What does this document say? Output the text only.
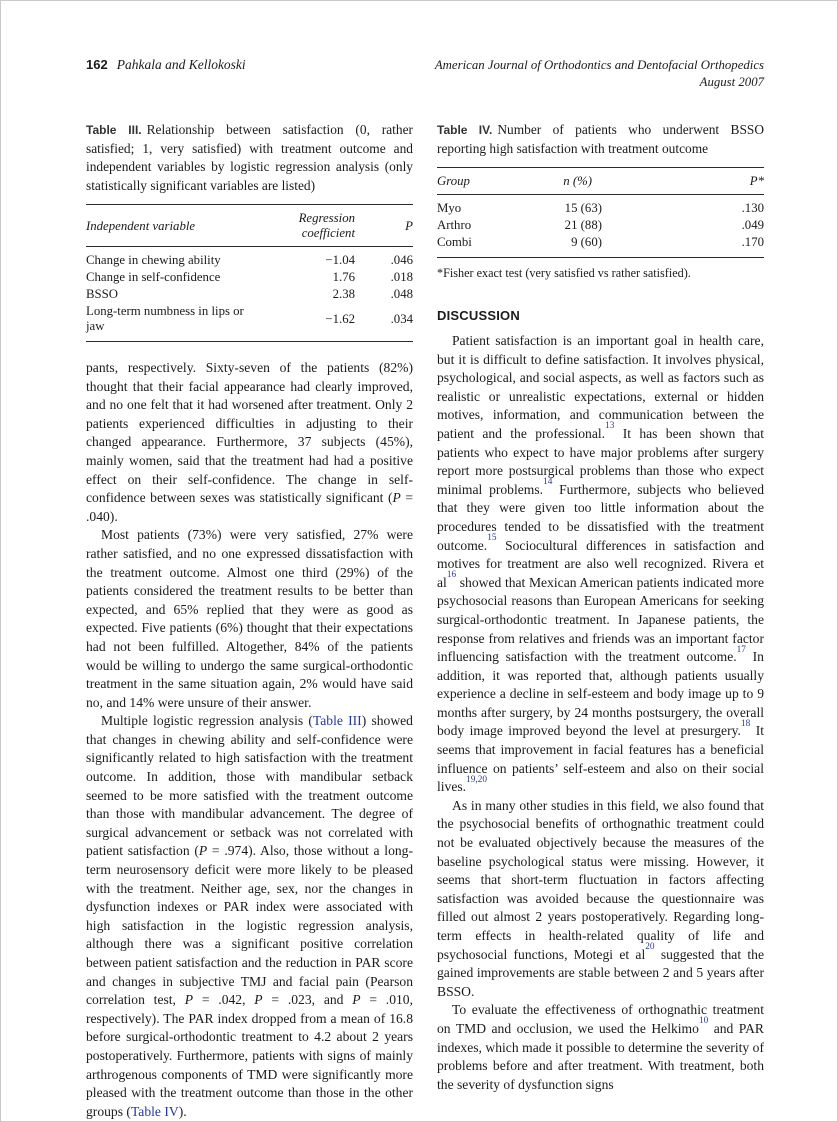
162 Pahkala and Kellokoski	American Journal of Orthodontics and Dentofacial Orthopedics
August 2007

Table III. Relationship between satisfaction (0, rather satisfied; 1, very satisfied) with treatment outcome and independent variables by logistic regression analysis (only statistically significant variables are listed)

Independent variable	Regression coefficient	P
Change in chewing ability	−1.04	.046
Change in self-confidence	1.76	.018
BSSO	2.38	.048
Long-term numbness in lips or jaw	−1.62	.034

pants, respectively. Sixty-seven of the patients (82%) thought that their facial appearance had clearly improved, and no one felt that it had worsened after treatment. Only 2 patients experienced difficulties in adjusting to their changed appearance. Furthermore, 37 subjects (45%), mainly women, said that the treatment had had a positive effect on their self-confidence. The change in self-confidence between sexes was statistically significant (P = .040).

Most patients (73%) were very satisfied, 27% were rather satisfied, and no one expressed dissatisfaction with the treatment outcome. Almost one third (29%) of the patients considered the treatment results to be better than expected, and 65% replied that they were as good as expected. Five patients (6%) thought that their expectations had not been fulfilled. Altogether, 84% of the patients would be willing to undergo the same surgical-orthodontic treatment in the same situation again, 2% would have said no, and 14% were unsure of their answer.

Multiple logistic regression analysis (Table III) showed that changes in chewing ability and self-confidence were significantly related to high satisfaction with the treatment outcome. In addition, those with mandibular setback seemed to be more satisfied with the treatment outcome than those with mandibular advancement. The degree of surgical advancement or setback was not correlated with patient satisfaction (P = .974). Also, those without a long-term neurosensory deficit were more likely to be pleased with the treatment. Neither age, sex, nor the changes in dysfunction indexes or PAR index were associated with high satisfaction in the logistic regression analysis, although there was a significant positive correlation between patient satisfaction and the reduction in PAR score and changes in subjective TMJ and facial pain (Pearson correlation test, P = .042, P = .023, and P = .010, respectively). The PAR index dropped from a mean of 16.8 before surgical-orthodontic treatment to 4.2 about 2 years postoperatively. Furthermore, patients with signs of mainly arthrogenous components of TMD were significantly more pleased with the treatment outcome than those in the other groups (Table IV).

Table IV. Number of patients who underwent BSSO reporting high satisfaction with treatment outcome

Group	n (%)	P*
Myo	15 (63)	.130
Arthro	21 (88)	.049
Combi	9 (60)	.170
*Fisher exact test (very satisfied vs rather satisfied).
DISCUSSION

Patient satisfaction is an important goal in health care, but it is difficult to define satisfaction. It involves physical, psychological, and social aspects, as well as factors such as realistic or unrealistic expectations, external or hidden motives, information, and communication between the patient and the professional.$^{13}$ It has been shown that patients who expect to have major problems after surgery report more postsurgical problems than those who expect minimal problems.$^{14}$ Furthermore, subjects who believed that they were given too little information about the procedures tended to be dissatisfied with the treatment outcome.$^{15}$ Sociocultural differences in satisfaction and motives for treatment are also well recognized. Rivera et al$^{16}$ showed that Mexican American patients indicated more psychosocial reasons than European Americans for seeking surgical-orthodontic treatment. In Japanese patients, the response from relatives and friends was an important factor influencing satisfaction with the treatment outcome.$^{17}$ In addition, it was reported that, although patients usually experience a decline in self-esteem and body image up to 9 months after surgery, by 24 months postsurgery, the overall body image improved beyond the level at presurgery.$^{18}$ It seems that improvement in facial features has a beneficial influence on patients’ self-esteem and also on their social lives.$^{19,20}$

As in many other studies in this field, we also found that the psychosocial benefits of orthognathic treatment could not be evaluated objectively because the measures of the baseline psychological status were missing. However, it seems that short-term fluctuation in factors affecting satisfaction was avoided because the questionnaire was filled out almost 2 years postoperatively. Regarding long-term effects in health-related quality of life and psychosocial functions, Motegi et al$^{20}$ suggested that the gained improvements are stable between 2 and 5 years after BSSO.

To evaluate the effectiveness of orthognathic treatment on TMD and occlusion, we used the Helkimo$^{10}$ and PAR indexes, which made it possible to determine the severity of problems before and after treatment. With treatment, both the severity of dysfunction signs
